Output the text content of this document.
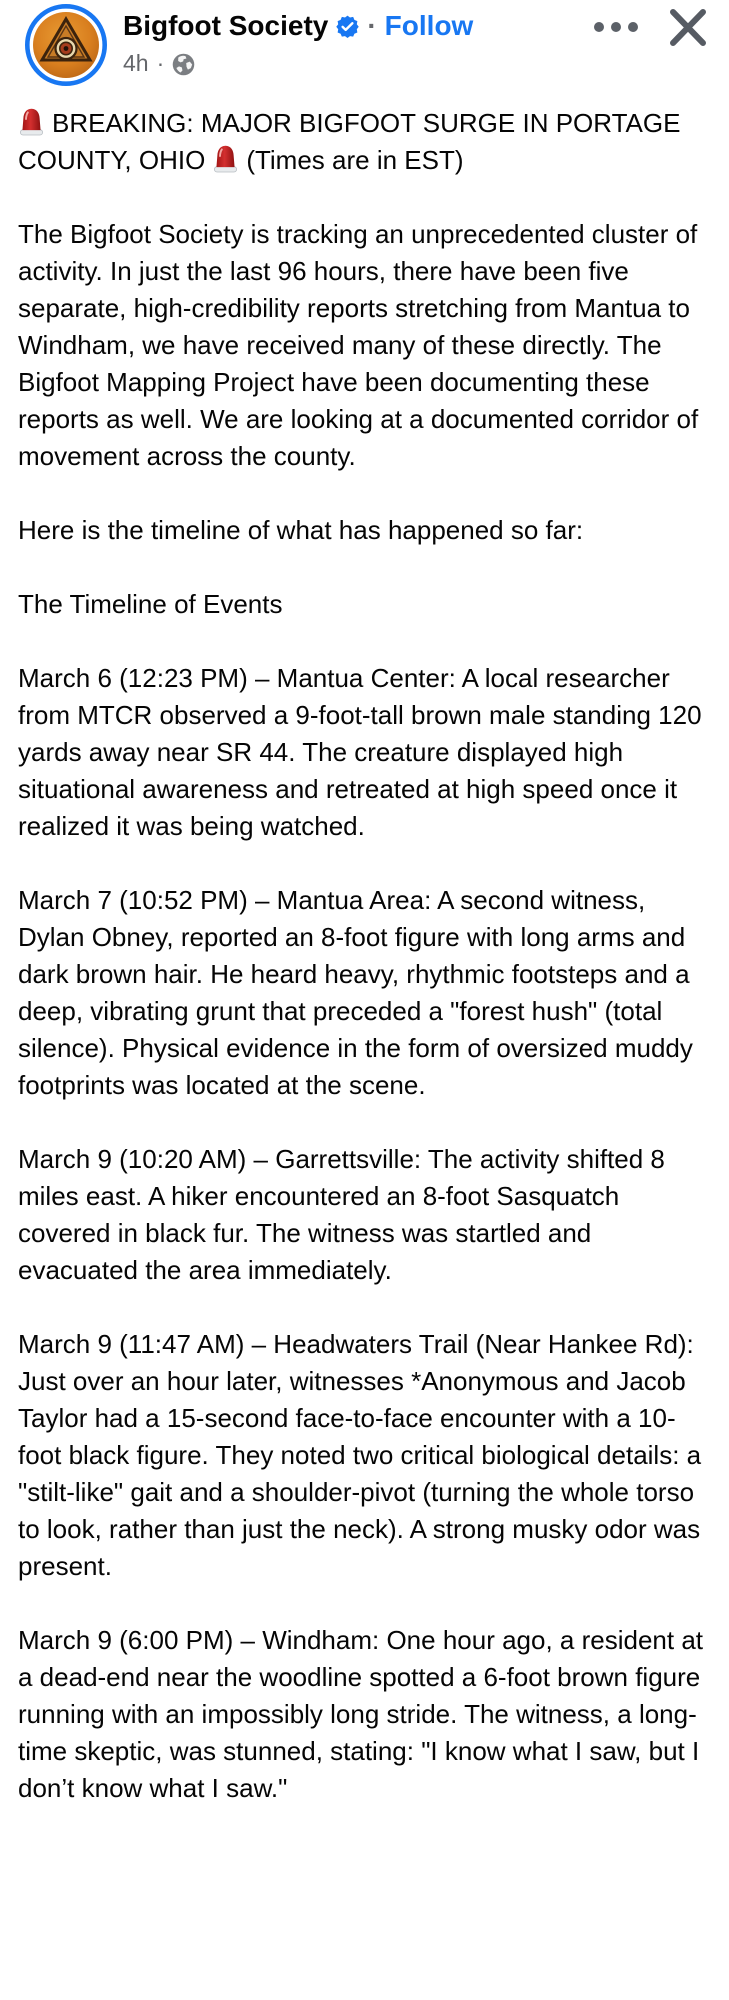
Bigfoot Society · Follow
4h ·

BREAKING: MAJOR BIGFOOT SURGE IN PORTAGE COUNTY, OHIO (Times are in EST)

The Bigfoot Society is tracking an unprecedented cluster of activity. In just the last 96 hours, there have been five separate, high-credibility reports stretching from Mantua to Windham, we have received many of these directly. The Bigfoot Mapping Project have been documenting these reports as well. We are looking at a documented corridor of movement across the county.

Here is the timeline of what has happened so far:

The Timeline of Events

March 6 (12:23 PM) – Mantua Center: A local researcher from MTCR observed a 9-foot-tall brown male standing 120 yards away near SR 44. The creature displayed high situational awareness and retreated at high speed once it realized it was being watched.

March 7 (10:52 PM) – Mantua Area: A second witness, Dylan Obney, reported an 8-foot figure with long arms and dark brown hair. He heard heavy, rhythmic footsteps and a deep, vibrating grunt that preceded a "forest hush" (total silence). Physical evidence in the form of oversized muddy footprints was located at the scene.

March 9 (10:20 AM) – Garrettsville: The activity shifted 8 miles east. A hiker encountered an 8-foot Sasquatch covered in black fur. The witness was startled and evacuated the area immediately.

March 9 (11:47 AM) – Headwaters Trail (Near Hankee Rd): Just over an hour later, witnesses *Anonymous and Jacob Taylor had a 15-second face-to-face encounter with a 10-foot black figure. They noted two critical biological details: a "stilt-like" gait and a shoulder-pivot (turning the whole torso to look, rather than just the neck). A strong musky odor was present.

March 9 (6:00 PM) – Windham: One hour ago, a resident at a dead-end near the woodline spotted a 6-foot brown figure running with an impossibly long stride. The witness, a long-time skeptic, was stunned, stating: "I know what I saw, but I don’t know what I saw."
